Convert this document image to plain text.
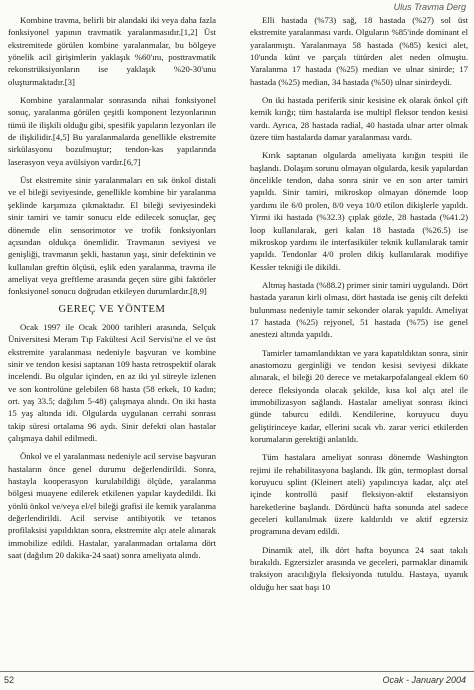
Ulus Travma Derg

Kombine travma, belirli bir alandaki iki veya daha fazla fonksiyonel yapının travmatik yaralanmasıdır.[1,2] Üst ekstremitede görülen kombine yaralanmalar, bu bölgeye yönelik acil girişimlerin yaklaşık %60'ını, posttravmatik rekonstrüksiyonların ise yaklaşık %20-30'unu oluşturmaktadır.[3]

Kombine yaralanmalar sonrasında nihai fonksiyonel sonuç, yaralanma görülen çeşitli komponent lezyonlarının tümü ile ilişkili olduğu gibi, spesifik yapıların lezyonları ile de ilişkilidir.[4,5] Bu yaralanmalarda genellikle ekstremite sirkülasyonu bozulmuştur; tendon-kas yapılarında laserasyon veya avülsiyon vardır.[6,7]

Üst ekstremite sinir yaralanmaları en sık önkol distali ve el bileği seviyesinde, genellikle kombine bir yaralanma şeklinde karşımıza çıkmaktadır. El bileği seviyesindeki sinir tamiri ve tamir sonucu elde edilecek sonuçlar, geç dönemde elin sensorimotor ve trofik fonksiyonları açısından oldukça önemlidir. Travmanın seviyesi ve genişliği, travmanın şekli, hastanın yaşı, sinir defektinin ve kullanılan greftin ölçüsü, eşlik eden yaralanma, travma ile ameliyat veya greftleme arasında geçen süre gibi faktörler fonksiyonel sonucu doğrudan etkileyen durumlardır.[8,9]

GEREÇ VE YÖNTEM

Ocak 1997 ile Ocak 2000 tarihleri arasında, Selçuk Üniversitesi Meram Tıp Fakültesi Acil Servisi'ne el ve üst ekstremite yaralanması nedeniyle başvuran ve kombine sinir ve tendon kesisi saptanan 109 hasta retrospektif olarak incelendi. Bu olgular içinden, en az iki yıl süreyle izlenen ve son kontrolüne gelebilen 68 hasta (58 erkek, 10 kadın; ort. yaş 33.5; dağılım 5-48) çalışmaya alındı. On iki hasta 15 yaş altında idi. Olgularda uygulanan cerrahi sonrası takip süresi ortalama 96 aydı. Sinir defekti olan hastalar çalışmaya dahil edilmedi.

Önkol ve el yaralanması nedeniyle acil servise başvuran hastaların önce genel durumu değerlendirildi. Sonra, hastayla kooperasyon kurulabildiği ölçüde, yaralanma bölgesi muayene edilerek etkilenen yapılar kaydedildi. İki yönlü önkol ve/veya el/el bileği grafisi ile kemik yaralanma değerlendirildi. Acil servise antibiyotik ve tetanos profilaksisi yapıldıktan sonra, ekstremite alçı atele alınarak immobilize edildi. Hastalar, yaralanmadan ortalama dört saat (dağılım 20 dakika-24 saat) sonra ameliyata alındı.

Elli hastada (%73) sağ, 18 hastada (%27) sol üst ekstremite yaralanması vardı. Olguların %85'inde dominant el yaralanmıştı. Yaralanmaya 58 hastada (%85) kesici alet, 10'unda künt ve parçalı tütürden alet neden olmuştu. Yaralanma 17 hastada (%25) median ve ulnar sinirde; 17 hastada (%25) median, 34 hastada (%50) ulnar sinirdeydi.

On iki hastada periferik sinir kesisine ek olarak önkol çift kemik kırığı; tüm hastalarda ise multipl fleksor tendon kesisi vardı. Ayrıca, 28 hastada radial, 40 hastada ulnar arter olmak üzere tüm hastalarda damar yaralanması vardı.

Kırık saptanan olgularda ameliyata kırığın tespiti ile başlandı. Dolaşım sorunu olmayan olgularda, kesik yapılardan öncelikle tendon, daha sonra sinir ve en son arter tamiri yapıldı. Sinir tamiri, mikroskop olmayan dönemde loop yardımı ile 6/0 prolen, 8/0 veya 10/0 etilon dikişlerle yapıldı. Yirmi iki hastada (%32.3) çıplak gözle, 28 hastada (%41.2) loop kullanılarak, geri kalan 18 hastada (%26.5) ise mikroskop yardımı ile interfasiküler teknik kullanılarak tamir yapıldı. Tendonlar 4/0 prolen dikiş kullanılarak modifiye Kessler tekniği ile dikildi.

Altmış hastada (%88.2) primer sinir tamiri uygulandı. Dört hastada yaranın kirli olması, dört hastada ise geniş cilt defekti bulunması nedeniyle tamir sekonder olarak yapıldı. Ameliyat 17 hastada (%25) rejyonel, 51 hastada (%75) ise genel anestezi altında yapıldı.

Tamirler tamamlandıktan ve yara kapatıldıktan sonra, sinir anastomozu gerginliği ve tendon kesisi seviyesi dikkate alınarak, el bileği 20 derece ve metakarpofalangeal eklem 60 derece fleksiyonda olacak şekilde, kısa kol alçı atel ile immobilizasyon sağlandı. Hastalar ameliyat sonrası ikinci günde taburcu edildi. Kendilerine, koruyucu duyu geliştirinceye kadar, ellerini sıcak vb. zarar verici etkilerden korumaların gerektiği anlatıldı.

Tüm hastalara ameliyat sonrası dönemde Washington rejimi ile rehabilitasyona başlandı. İlk gün, termoplast dorsal koruyucu splint (Kleinert ateli) yapılıncıya kadar, alçı atel içinde kontrollü pasif fleksiyon-aktif ekstansiyon hareketlerine başlandı. Dördüncü hafta sonunda atel sadece geceleri kullanılmak üzere kaldırıldı ve aktif egzersiz programına devam edildi.

Dinamik atel, ilk dört hafta boyunca 24 saat takılı bırakıldı. Egzersizler arasında ve geceleri, parmaklar dinamik traksiyon aracılığıyla fleksiyonda tutuldu. Hastaya, uyanık olduğu her saat başı 10

52	Ocak - January 2004
